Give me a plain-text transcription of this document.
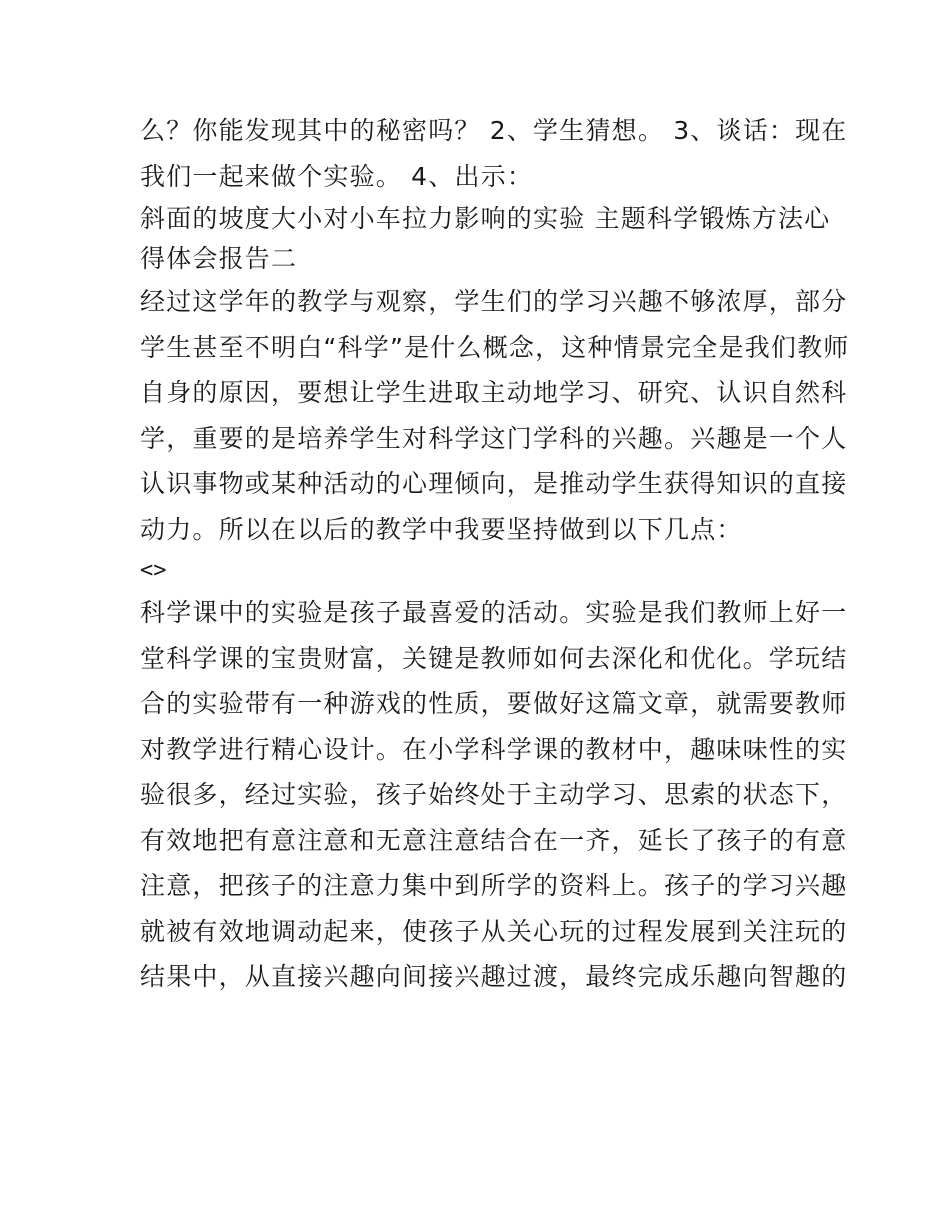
么？你能发现其中的秘密吗？ 2、学生猜想。 3、谈话：现在
我们一起来做个实验。 4、出示：
斜面的坡度大小对小车拉力影响的实验 主题科学锻炼方法心
得体会报告二
经过这学年的教学与观察，学生们的学习兴趣不够浓厚，部分
学生甚至不明白“科学”是什么概念，这种情景完全是我们教师
自身的原因，要想让学生进取主动地学习、研究、认识自然科
学，重要的是培养学生对科学这门学科的兴趣。兴趣是一个人
认识事物或某种活动的心理倾向，是推动学生获得知识的直接
动力。所以在以后的教学中我要坚持做到以下几点：
<>
科学课中的实验是孩子最喜爱的活动。实验是我们教师上好一
堂科学课的宝贵财富，关键是教师如何去深化和优化。学玩结
合的实验带有一种游戏的性质，要做好这篇文章，就需要教师
对教学进行精心设计。在小学科学课的教材中，趣味味性的实
验很多，经过实验，孩子始终处于主动学习、思索的状态下，
有效地把有意注意和无意注意结合在一齐，延长了孩子的有意
注意，把孩子的注意力集中到所学的资料上。孩子的学习兴趣
就被有效地调动起来，使孩子从关心玩的过程发展到关注玩的
结果中，从直接兴趣向间接兴趣过渡，最终完成乐趣向智趣的
